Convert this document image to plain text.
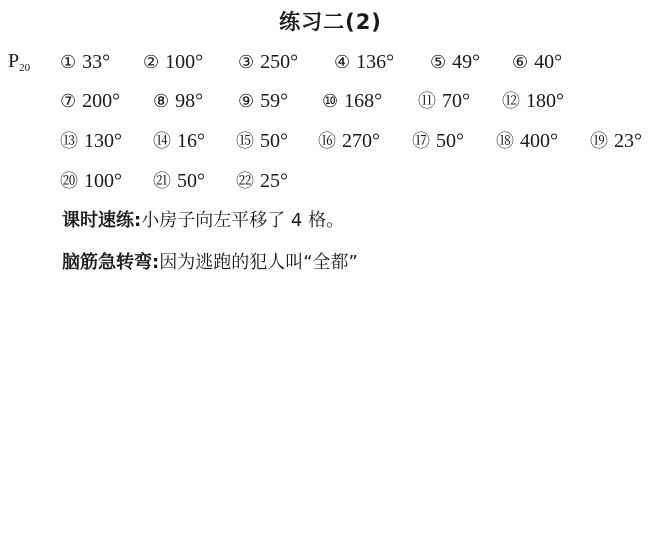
练习二(2)
$P_{20}$ ① 33° ② 100° ③ 250° ④ 136° ⑤ 49° ⑥ 40°
⑦ 200° ⑧ 98° ⑨ 59° ⑩ 168° ⑪ 70° ⑫ 180°
⑬ 130° ⑭ 16° ⑮ 50° ⑯ 270° ⑰ 50° ⑱ 400° ⑲ 23°
⑳ 100° ㉑ 50° ㉒ 25°
课时速练:小房子向左平移了 4 格。
脑筋急转弯:因为逃跑的犯人叫“全都”
